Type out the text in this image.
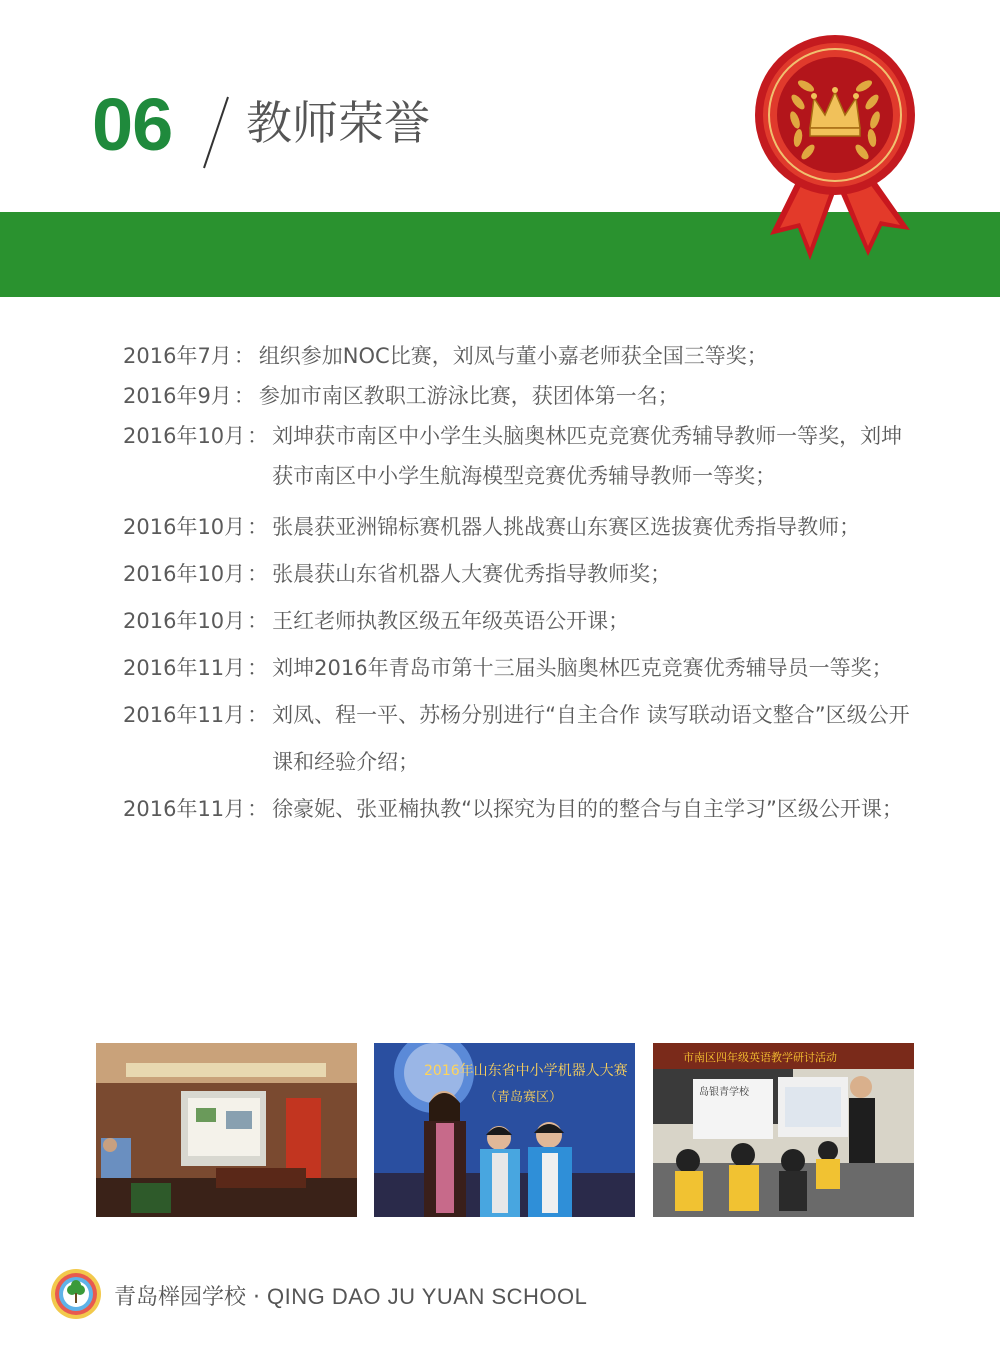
06 教师荣誉
2016年7月 ： 组织参加NOC比赛，刘凤与董小嘉老师获全国三等奖；
2016年9月 ： 参加市南区教职工游泳比赛，获团体第一名；
2016年10月 ： 刘坤获市南区中小学生头脑奥林匹克竞赛优秀辅导教师一等奖，刘坤获市南区中小学生航海模型竞赛优秀辅导教师一等奖；
2016年10月 ： 张晨获亚洲锦标赛机器人挑战赛山东赛区选拔赛优秀指导教师；
2016年10月 ： 张晨获山东省机器人大赛优秀指导教师奖；
2016年10月 ： 王红老师执教区级五年级英语公开课；
2016年11月 ： 刘坤2016年青岛市第十三届头脑奥林匹克竞赛优秀辅导员一等奖；
2016年11月 ： 刘凤、程一平、苏杨分别进行“自主合作 读写联动语文整合”区级公开课和经验介绍；
2016年11月 ： 徐豪妮、张亚楠执教“以探究为目的的整合与自主学习”区级公开课；
2016年山东省中小学机器人大赛
（青岛赛区）
市南区四年级英语教学研讨活动
岛银青学校
青岛榉园学校 · QING DAO JU YUAN SCHOOL
